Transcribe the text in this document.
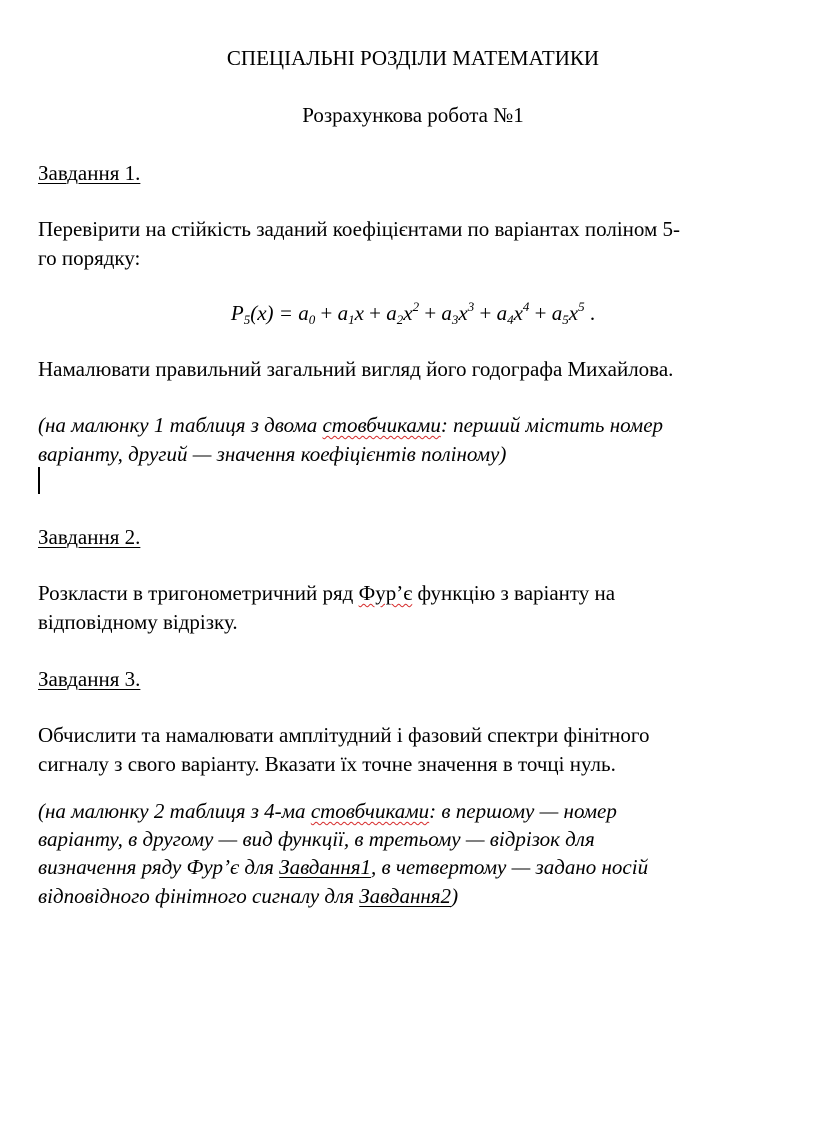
СПЕЦІАЛЬНІ РОЗДІЛИ МАТЕМАТИКИ

Розрахункова робота №1

Завдання 1.

Перевірити на стійкість заданий коефіцієнтами по варіантах поліном 5-

го порядку:

$P_5(x) = a_0 + a_1x + a_2x^2 + a_3x^3 + a_4x^4 + a_5x^5$ .

Намалювати правильний загальний вигляд його годографа Михайлова.

(на малюнку 1 таблиця з двома стовбчиками: перший містить номер

варіанту, другий — значення коефіцієнтів поліному)

Завдання 2.

Розкласти в тригонометричний ряд Фур’є функцію з варіанту на

відповідному відрізку.

Завдання 3.

Обчислити та намалювати амплітудний і фазовий спектри фінітного

сигналу з свого варіанту. Вказати їх точне значення в точці нуль.

(на малюнку 2 таблиця з 4-ма стовбчиками: в першому — номер

варіанту, в другому — вид функції, в третьому — відрізок для

визначення ряду Фур’є для Завдання1, в четвертому — задано носій

відповідного фінітного сигналу для Завдання2)
